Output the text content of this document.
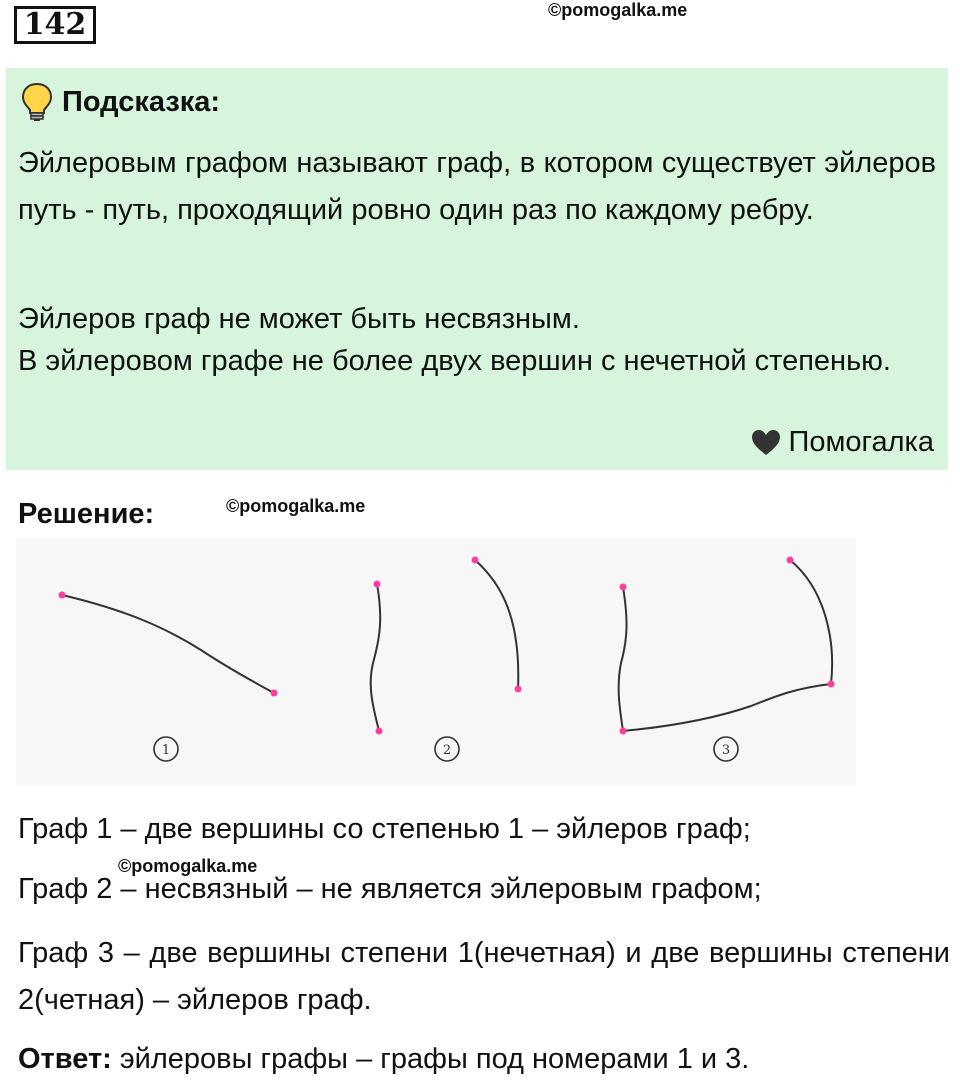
142	©pomogalka.me
Подсказка:

Эйлеровым графом называют граф, в котором существует эйлеров путь - путь, проходящий ровно один раз по каждому ребру.

Эйлеров граф не может быть несвязным.

В эйлеровом графе не более двух вершин с нечетной степенью.

Помогалка
Решение:	©pomogalka.me
1	2	3

Граф 1 – две вершины со степенью 1 – эйлеров граф;

©pomogalka.me

Граф 2 – несвязный – не является эйлеровым графом;

Граф 3 – две вершины степени 1(нечетная) и две вершины степени 2(четная) – эйлеров граф.

Ответ: эйлеровы графы – графы под номерами 1 и 3.
